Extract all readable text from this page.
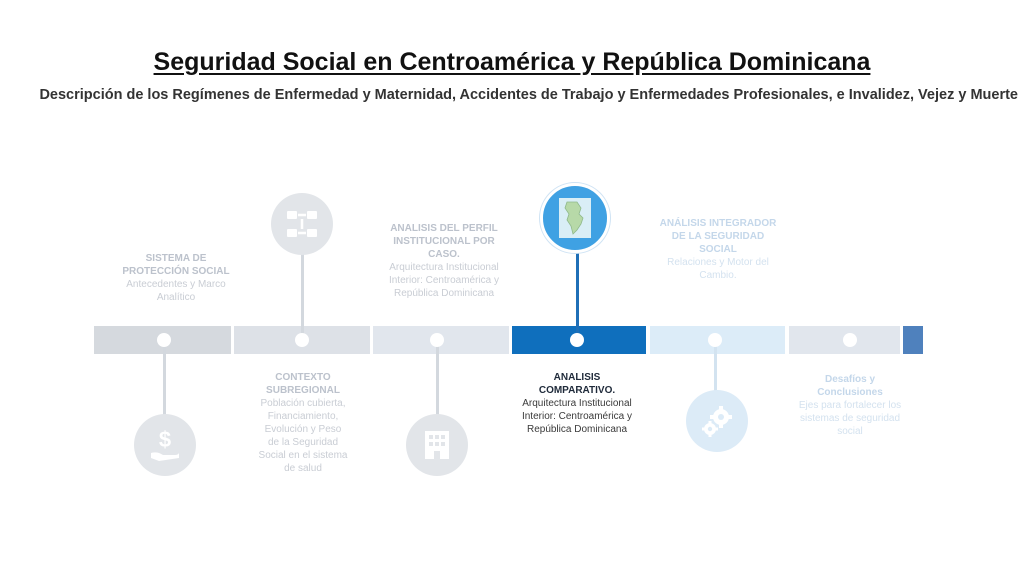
Seguridad Social en Centroamérica y República Dominicana
Descripción de los Regímenes de Enfermedad y Maternidad, Accidentes de Trabajo y Enfermedades Profesionales, e Invalidez, Vejez y Muerte
$
SISTEMA DE PROTECCIÓN SOCIAL
Antecedentes y Marco Analítico
CONTEXTO SUBREGIONAL
Población cubierta, Financiamiento, Evolución y Peso de la Seguridad Social en el sistema de salud
ANALISIS DEL PERFIL INSTITUCIONAL POR CASO.
Arquitectura Institucional Interior: Centroamérica y República Dominicana
ANALISIS COMPARATIVO.
Arquitectura Institucional Interior: Centroamérica y República Dominicana
ANÁLISIS INTEGRADOR DE LA SEGURIDAD SOCIAL
Relaciones y Motor del Cambio.
Desafíos y Conclusiones
Ejes para fortalecer los sistemas de seguridad social
